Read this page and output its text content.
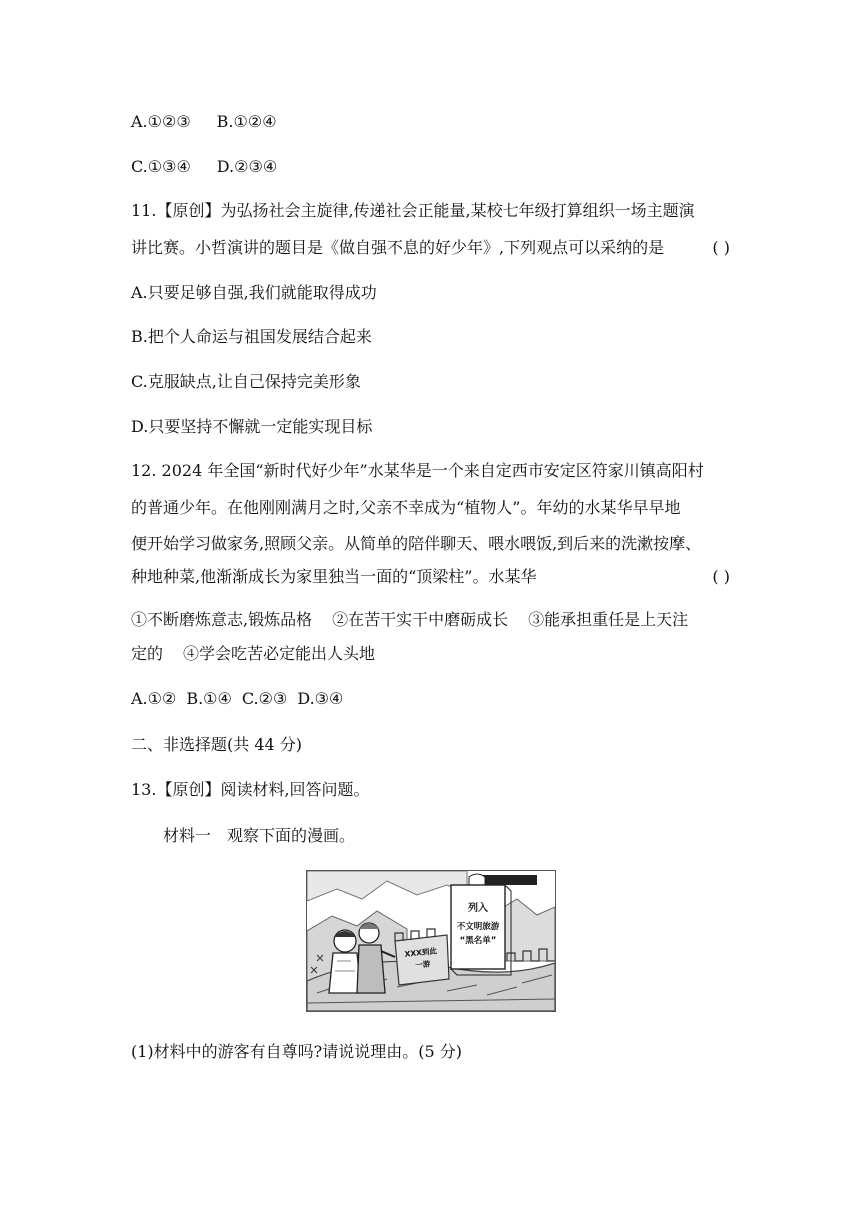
A.①②③ B.①②④
C.①③④ D.②③④
11.【原创】为弘扬社会主旋律,传递社会正能量,某校七年级打算组织一场主题演
讲比赛。小哲演讲的题目是《做自强不息的好少年》,下列观点可以采纳的是	( )
A.只要足够自强,我们就能取得成功
B.把个人命运与祖国发展结合起来
C.克服缺点,让自己保持完美形象
D.只要坚持不懈就一定能实现目标
12. 2024 年全国“新时代好少年”水某华是一个来自定西市安定区符家川镇高阳村
的普通少年。在他刚刚满月之时,父亲不幸成为“植物人”。年幼的水某华早早地
便开始学习做家务,照顾父亲。从简单的陪伴聊天、喂水喂饭,到后来的洗漱按摩、
种地种菜,他渐渐成长为家里独当一面的“顶梁柱”。水某华	( )
①不断磨炼意志,锻炼品格 ②在苦干实干中磨砺成长 ③能承担重任是上天注
定的 ④学会吃苦必定能出人头地
A.①② B.①④ C.②③ D.③④
二、非选择题(共 44 分)
13.【原创】阅读材料,回答问题。
材料一　观察下面的漫画。
列入
不文明旅游
“黑名单”
XXX到此
一游
(1)材料中的游客有自尊吗?请说说理由。(5 分)
